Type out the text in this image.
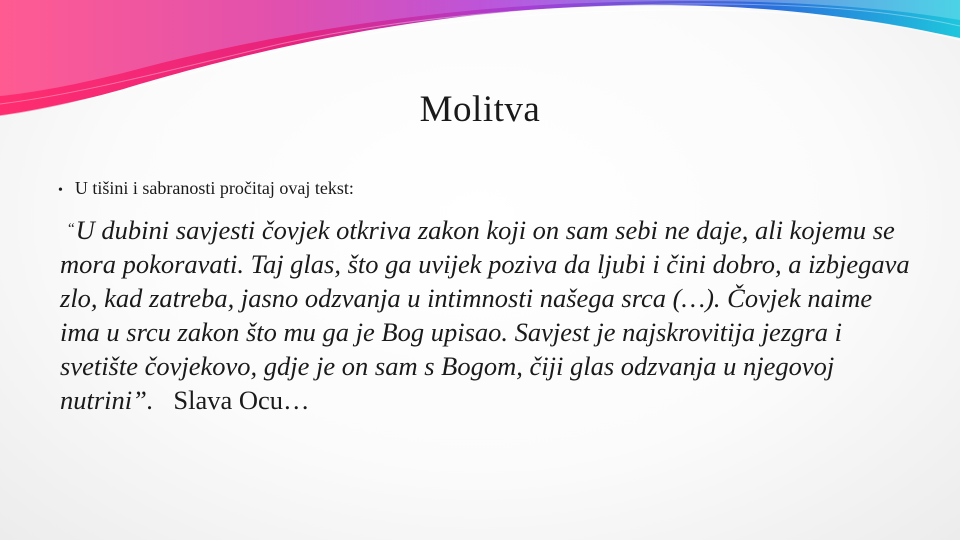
Molitva
• U tišini i sabranosti pročitaj ovaj tekst:

“U dubini savjesti čovjek otkriva zakon koji on sam sebi ne daje, ali kojemu se mora pokoravati. Taj glas, što ga uvijek poziva da ljubi i čini dobro, a izbjegava zlo, kad zatreba, jasno odzvanja u intimnosti našega srca (…). Čovjek naime ima u srcu zakon što mu ga je Bog upisao. Savjest je najskrovitija jezgra i svetište čovjekovo, gdje je on sam s Bogom, čiji glas odzvanja u njegovoj nutrini”. Slava Ocu…
